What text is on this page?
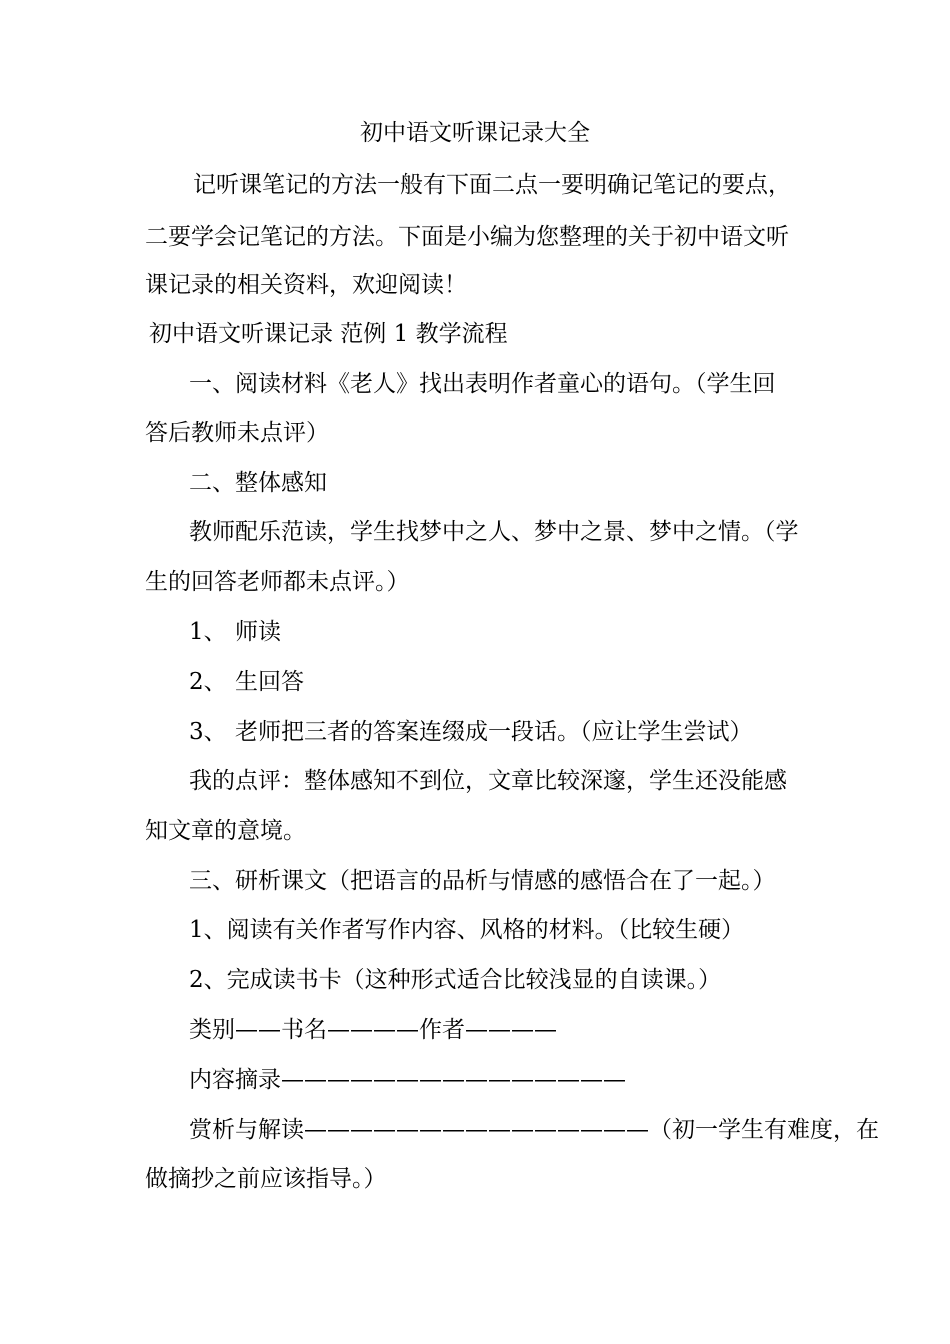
初中语文听课记录大全
记听课笔记的方法一般有下面二点一要明确记笔记的要点，
二要学会记笔记的方法。下面是小编为您整理的关于初中语文听
课记录的相关资料，欢迎阅读！
初中语文听课记录 范例 1 教学流程
一、阅读材料《老人》找出表明作者童心的语句。（学生回
答后教师未点评）
二、整体感知
教师配乐范读，学生找梦中之人、梦中之景、梦中之情。（学
生的回答老师都未点评。）
1、 师读
2、 生回答
3、 老师把三者的答案连缀成一段话。（应让学生尝试）
我的点评：整体感知不到位，文章比较深邃，学生还没能感
知文章的意境。
三、研析课文（把语言的品析与情感的感悟合在了一起。）
1、阅读有关作者写作内容、风格的材料。（比较生硬）
2、完成读书卡（这种形式适合比较浅显的自读课。）
类别——书名————作者————
内容摘录———————————————
赏析与解读———————————————（初一学生有难度，在
做摘抄之前应该指导。）
